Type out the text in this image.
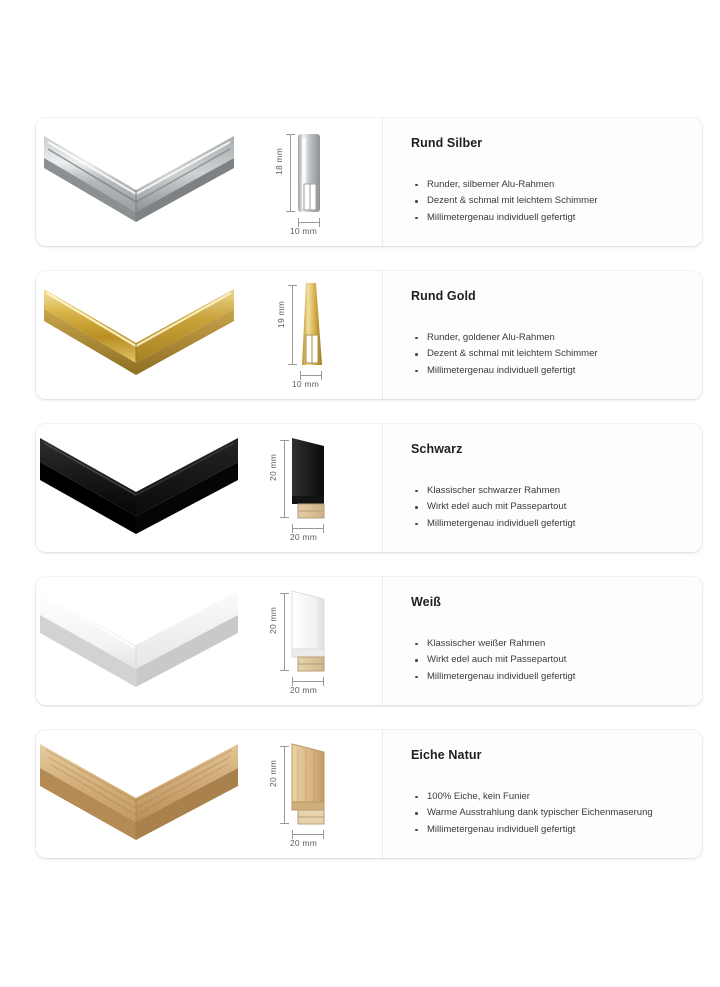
18 mm
10 mm
Rund Silber
Runder, silberner Alu-Rahmen
Dezent & schmal mit leichtem Schimmer
Millimetergenau individuell gefertigt
19 mm
10 mm
Rund Gold
Runder, goldener Alu-Rahmen
Dezent & schmal mit leichtem Schimmer
Millimetergenau individuell gefertigt
20 mm
20 mm
Schwarz
Klassischer schwarzer Rahmen
Wirkt edel auch mit Passepartout
Millimetergenau individuell gefertigt
20 mm
20 mm
Weiß
Klassischer weißer Rahmen
Wirkt edel auch mit Passepartout
Millimetergenau individuell gefertigt
20 mm
20 mm
Eiche Natur
100% Eiche, kein Funier
Warme Ausstrahlung dank typischer Eichenmaserung
Millimetergenau individuell gefertigt
